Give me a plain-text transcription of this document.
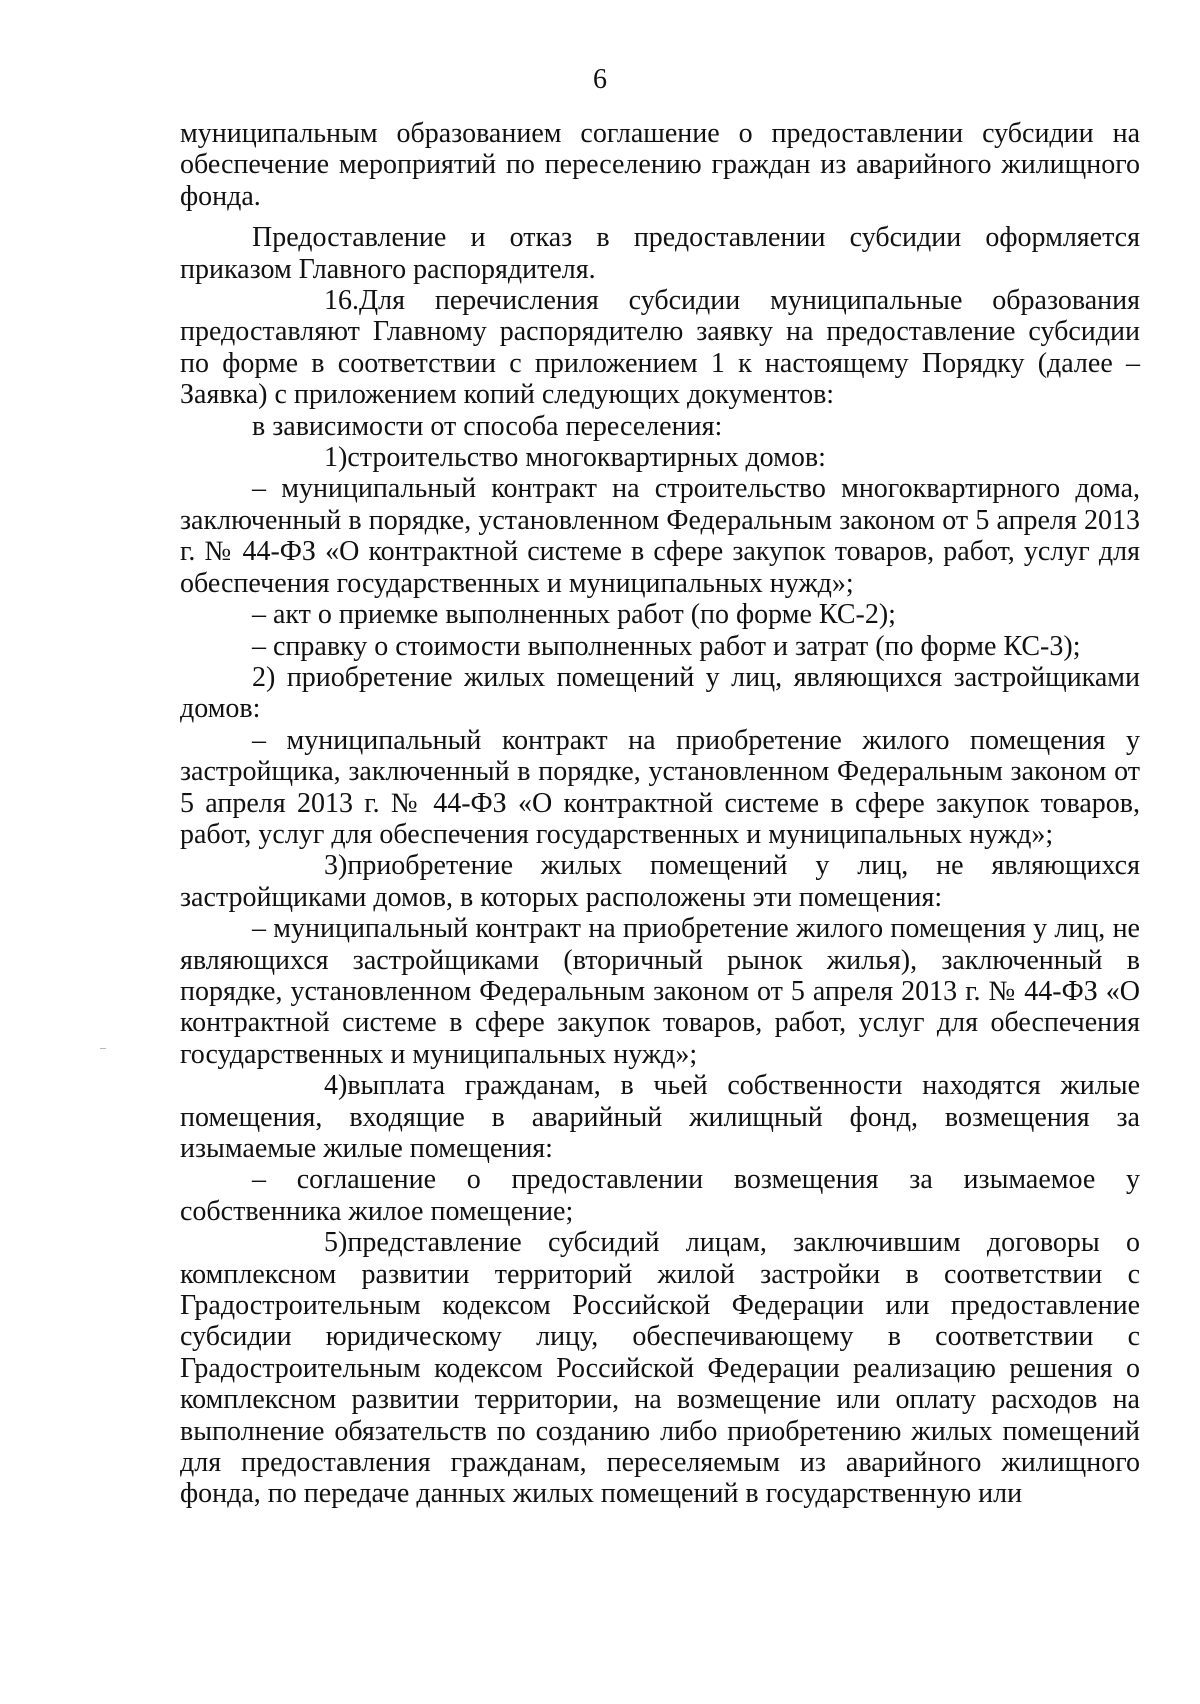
6

муниципальным образованием соглашение о предоставлении субсидии на обеспечение мероприятий по переселению граждан из аварийного жилищного фонда.

Предоставление и отказ в предоставлении субсидии оформляется приказом Главного распорядителя.

16.Для перечисления субсидии муниципальные образования предоставляют Главному распорядителю заявку на предоставление субсидии по форме в соответствии с приложением 1 к настоящему Порядку (далее – Заявка) с приложением копий следующих документов:

в зависимости от способа переселения:

1)строительство многоквартирных домов:

– муниципальный контракт на строительство многоквартирного дома, заключенный в порядке, установленном Федеральным законом от 5 апреля 2013 г. № 44-ФЗ «О контрактной системе в сфере закупок товаров, работ, услуг для обеспечения государственных и муниципальных нужд»;

– акт о приемке выполненных работ (по форме КС-2);

– справку о стоимости выполненных работ и затрат (по форме КС-3);

2) приобретение жилых помещений у лиц, являющихся застройщиками домов:

– муниципальный контракт на приобретение жилого помещения у застройщика, заключенный в порядке, установленном Федеральным законом от 5 апреля 2013 г. № 44-ФЗ «О контрактной системе в сфере закупок товаров, работ, услуг для обеспечения государственных и муниципальных нужд»;

3)приобретение жилых помещений у лиц, не являющихся застройщиками домов, в которых расположены эти помещения:

– муниципальный контракт на приобретение жилого помещения у лиц, не являющихся застройщиками (вторичный рынок жилья), заключенный в порядке, установленном Федеральным законом от 5 апреля 2013 г. № 44-ФЗ «О контрактной системе в сфере закупок товаров, работ, услуг для обеспечения государственных и муниципальных нужд»;

4)выплата гражданам, в чьей собственности находятся жилые помещения, входящие в аварийный жилищный фонд, возмещения за изымаемые жилые помещения:

– соглашение о предоставлении возмещения за изымаемое у собственника жилое помещение;

5)представление субсидий лицам, заключившим договоры о комплексном развитии территорий жилой застройки в соответствии с Градостроительным кодексом Российской Федерации или предоставление субсидии юридическому лицу, обеспечивающему в соответствии с Градостроительным кодексом Российской Федерации реализацию решения о комплексном развитии территории, на возмещение или оплату расходов на выполнение обязательств по созданию либо приобретению жилых помещений для предоставления гражданам, переселяемым из аварийного жилищного фонда, по передаче данных жилых помещений в государственную или
